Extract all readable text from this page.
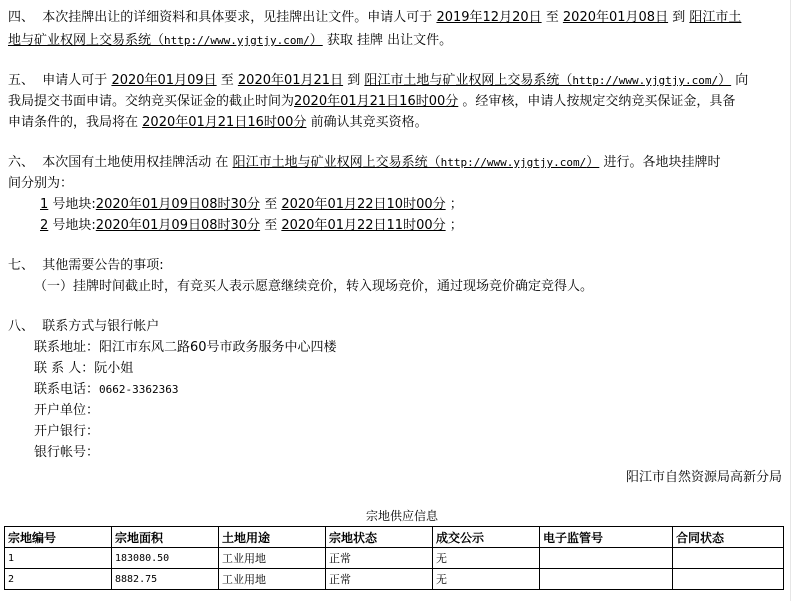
四、 本次挂牌出让的详细资料和具体要求，见挂牌出让文件。申请人可于 2019年12月20日 至 2020年01月08日 到 阳江市土
地与矿业权网上交易系统（http://www.yjgtjy.com/） 获取 挂牌 出让文件。
五、 申请人可于 2020年01月09日 至 2020年01月21日 到 阳江市土地与矿业权网上交易系统（http://www.yjgtjy.com/） 向
我局提交书面申请。交纳竞买保证金的截止时间为2020年01月21日16时00分 。经审核，申请人按规定交纳竞买保证金，具备
申请条件的，我局将在 2020年01月21日16时00分 前确认其竞买资格。
六、 本次国有土地使用权挂牌活动 在 阳江市土地与矿业权网上交易系统（http://www.yjgtjy.com/） 进行。各地块挂牌时
间分别为：
1 号地块:2020年01月09日08时30分 至 2020年01月22日10时00分 ；
2 号地块:2020年01月09日08时30分 至 2020年01月22日11时00分 ；
七、 其他需要公告的事项:
（一）挂牌时间截止时，有竞买人表示愿意继续竞价，转入现场竞价，通过现场竞价确定竞得人。
八、 联系方式与银行帐户
联系地址：阳江市东风二路60号市政务服务中心四楼
联 系 人：阮小姐
联系电话：0662-3362363
开户单位：
开户银行：
银行帐号：
阳江市自然资源局高新分局
宗地供应信息
宗地编号	宗地面积	土地用途	宗地状态	成交公示	电子监管号	合同状态
1	183080.50	工业用地	正常	无		
2	8882.75	工业用地	正常	无		
